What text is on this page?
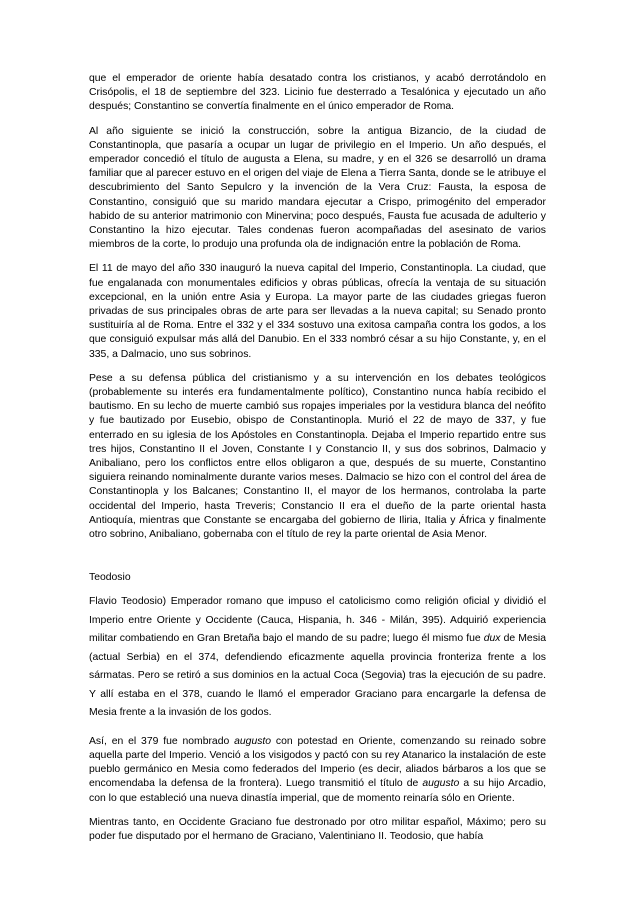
que el emperador de oriente había desatado contra los cristianos, y acabó derrotándolo en Crisópolis, el 18 de septiembre del 323. Licinio fue desterrado a Tesalónica y ejecutado un año después; Constantino se convertía finalmente en el único emperador de Roma.

Al año siguiente se inició la construcción, sobre la antigua Bizancio, de la ciudad de Constantinopla, que pasaría a ocupar un lugar de privilegio en el Imperio. Un año después, el emperador concedió el título de augusta a Elena, su madre, y en el 326 se desarrolló un drama familiar que al parecer estuvo en el origen del viaje de Elena a Tierra Santa, donde se le atribuye el descubrimiento del Santo Sepulcro y la invención de la Vera Cruz: Fausta, la esposa de Constantino, consiguió que su marido mandara ejecutar a Crispo, primogénito del emperador habido de su anterior matrimonio con Minervina; poco después, Fausta fue acusada de adulterio y Constantino la hizo ejecutar. Tales condenas fueron acompañadas del asesinato de varios miembros de la corte, lo produjo una profunda ola de indignación entre la población de Roma.

El 11 de mayo del año 330 inauguró la nueva capital del Imperio, Constantinopla. La ciudad, que fue engalanada con monumentales edificios y obras públicas, ofrecía la ventaja de su situación excepcional, en la unión entre Asia y Europa. La mayor parte de las ciudades griegas fueron privadas de sus principales obras de arte para ser llevadas a la nueva capital; su Senado pronto sustituiría al de Roma. Entre el 332 y el 334 sostuvo una exitosa campaña contra los godos, a los que consiguió expulsar más allá del Danubio. En el 333 nombró césar a su hijo Constante, y, en el 335, a Dalmacio, uno sus sobrinos.

Pese a su defensa pública del cristianismo y a su intervención en los debates teológicos (probablemente su interés era fundamentalmente político), Constantino nunca había recibido el bautismo. En su lecho de muerte cambió sus ropajes imperiales por la vestidura blanca del neófito y fue bautizado por Eusebio, obispo de Constantinopla. Murió el 22 de mayo de 337, y fue enterrado en su iglesia de los Apóstoles en Constantinopla. Dejaba el Imperio repartido entre sus tres hijos, Constantino II el Joven, Constante I y Constancio II, y sus dos sobrinos, Dalmacio y Anibaliano, pero los conflictos entre ellos obligaron a que, después de su muerte, Constantino siguiera reinando nominalmente durante varios meses. Dalmacio se hizo con el control del área de Constantinopla y los Balcanes; Constantino II, el mayor de los hermanos, controlaba la parte occidental del Imperio, hasta Treveris; Constancio II era el dueño de la parte oriental hasta Antioquía, mientras que Constante se encargaba del gobierno de Iliria, Italia y África y finalmente otro sobrino, Anibaliano, gobernaba con el título de rey la parte oriental de Asia Menor.

Teodosio

Flavio Teodosio) Emperador romano que impuso el catolicismo como religión oficial y dividió el Imperio entre Oriente y Occidente (Cauca, Hispania, h. 346 - Milán, 395). Adquirió experiencia militar combatiendo en Gran Bretaña bajo el mando de su padre; luego él mismo fue dux de Mesia (actual Serbia) en el 374, defendiendo eficazmente aquella provincia fronteriza frente a los sármatas. Pero se retiró a sus dominios en la actual Coca (Segovia) tras la ejecución de su padre. Y allí estaba en el 378, cuando le llamó el emperador Graciano para encargarle la defensa de Mesia frente a la invasión de los godos.

Así, en el 379 fue nombrado augusto con potestad en Oriente, comenzando su reinado sobre aquella parte del Imperio. Venció a los visigodos y pactó con su rey Atanarico la instalación de este pueblo germánico en Mesia como federados del Imperio (es decir, aliados bárbaros a los que se encomendaba la defensa de la frontera). Luego transmitió el título de augusto a su hijo Arcadio, con lo que estableció una nueva dinastía imperial, que de momento reinaría sólo en Oriente.

Mientras tanto, en Occidente Graciano fue destronado por otro militar español, Máximo; pero su poder fue disputado por el hermano de Graciano, Valentiniano II. Teodosio, que había
